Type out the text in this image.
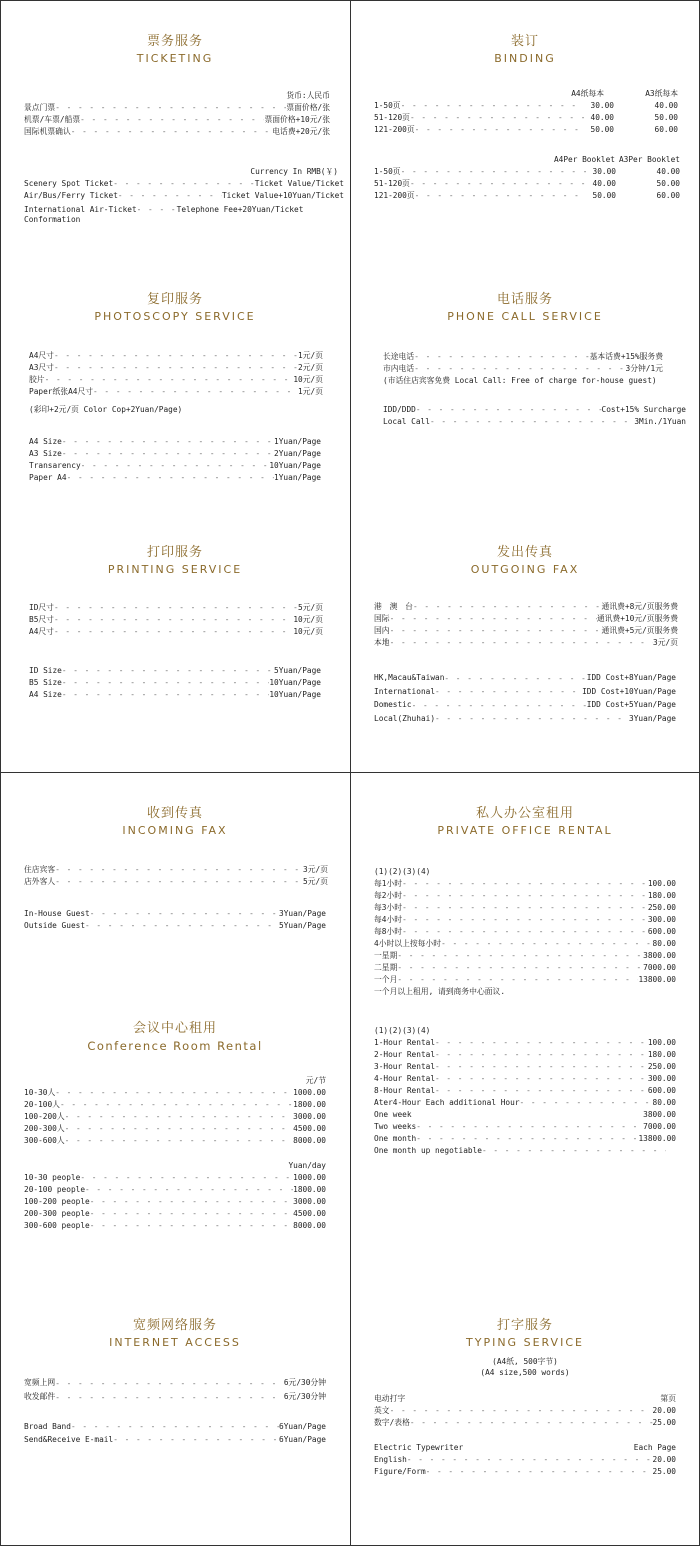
票务服务
TICKETING
货币:人民币
景点门票 - - -	票面价格/张
机票/车票/船票 - - -	票面价格+10元/张
国际机票确认 - - -	电话费+20元/张
Currency In RMB(￥)
Scenery Spot Ticket - - -	Ticket Value/Ticket
Air/Bus/Ferry Ticket - - -	Ticket Value+10Yuan/Ticket
International Air-Ticket - - -	Telephone Fee+20Yuan/Ticket
Conformation
装订
BINDING
A4纸每本	A3纸每本
1-50页 - - -	30.00	40.00
51-120页 - - -	40.00	50.00
121-200页 - - -	50.00	60.00
A4Per Booklet A3Per Booklet
1-50页 - - -	30.00	40.00
51-120页 - - -	40.00	50.00
121-200页 - - -	50.00	60.00
复印服务
PHOTOSCOPY SERVICE
A4尺寸 - - -	1元/页
A3尺寸 - - -	2元/页
胶片 - - -	10元/页
Paper纸张A4尺寸 - - -	1元/页
(彩印+2元/页 Color Cop+2Yuan/Page)
A4 Size - - -	1Yuan/Page
A3 Size - - -	2Yuan/Page
Transarency - - -	10Yuan/Page
Paper A4 - - -	1Yuan/Page
电话服务
PHONE CALL SERVICE
长途电话 - - -	基本话费+15%服务费
市内电话 - - -	3分钟/1元
(市话住店宾客免费 Local Call: Free of charge for-house guest)
IDD/DDD - - -	Cost+15% Surcharge
Local Call - - -	3Min./1Yuan
打印服务
PRINTING SERVICE
ID尺寸 - - -	5元/页
B5尺寸 - - -	10元/页
A4尺寸 - - -	10元/页
ID Size - - -	5Yuan/Page
B5 Size - - -	10Yuan/Page
A4 Size - - -	10Yuan/Page
发出传真
OUTGOING FAX
港　澳　台 - - -	通讯费+8元/页服务费
国际 - - -	通讯费+10元/页服务费
国内 - - -	通讯费+5元/页服务费
本地 - - -	3元/页
HK,Macau&Taiwan - - -	IDD Cost+8Yuan/Page
International - - -	IDD Cost+10Yuan/Page
Domestic - - -	IDD Cost+5Yuan/Page
Local(Zhuhai) - - -	3Yuan/Page
收到传真
INCOMING FAX
住店宾客 - - -	3元/页
店外客人 - - -	5元/页
In-House Guest - - -	3Yuan/Page
Outside Guest - - -	5Yuan/Page
会议中心租用
Conference Room Rental
元/节
10-30人 - - -	1000.00
20-100人 - - -	1800.00
100-200人 - - -	3000.00
200-300人 - - -	4500.00
300-600人 - - -	8000.00
Yuan/day
10-30 people - - -	1000.00
20-100 people - - -	1800.00
100-200 people - - -	3000.00
200-300 people - - -	4500.00
300-600 people - - -	8000.00
私人办公室租用
PRIVATE OFFICE RENTAL
(1)(2)(3)(4)
每1小时 - - -	100.00
每2小时 - - -	180.00
每3小时 - - -	250.00
每4小时 - - -	300.00
每8小时 - - -	600.00
4小时以上按每小时 - - -	80.00
一星期 - - -	3800.00
二星期 - - -	7000.00
一个月 - - -	13800.00
一个月以上租用, 请到商务中心面议.
(1)(2)(3)(4)
1-Hour Rental - - -	100.00
2-Hour Rental - - -	180.00
3-Hour Rental - - -	250.00
4-Hour Rental - - -	300.00
8-Hour Rental - - -	600.00
Ater4-Hour Each additional Hour - - -	80.00
One week	3800.00
Two weeks - - -	7000.00
One month - - -	13800.00
One month up negotiable
- - -
宽频网络服务
INTERNET ACCESS
宽频上网 - - -	6元/30分钟
收发邮件 - - -	6元/30分钟
Broad Band - - -	6Yuan/Page
Send&Receive E-mail - - -	6Yuan/Page
打字服务
TYPING SERVICE
(A4纸, 500字节)
(A4 size,500 words)
电动打字	第页
英文 - - -	20.00
数字/表格 - - -	25.00
Electric Typewriter	Each Page
English - - -	20.00
Figure/Form - - -	25.00
